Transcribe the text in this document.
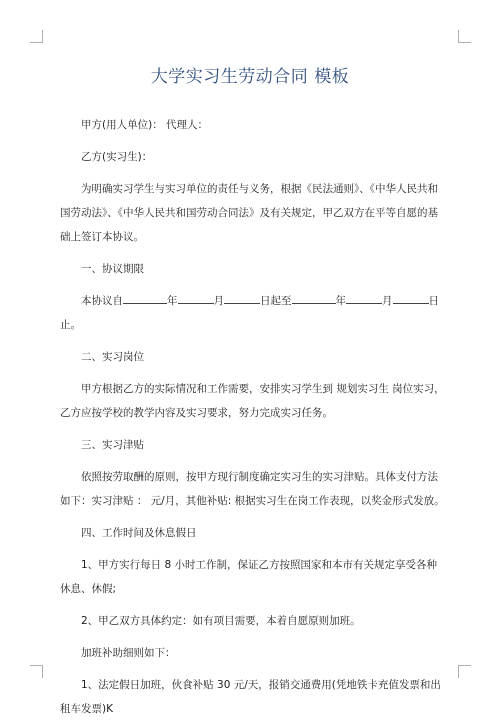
大学实习生劳动合同 模板

甲方(用人单位)： 代理人：

乙方(实习生)：

为明确实习学生与实习单位的责任与义务，根据《民法通则》、《中华人民共和国劳动法》、《中华人民共和国劳动合同法》及有关规定，甲乙双方在平等自愿的基础上签订本协议。

一、协议期限

本协议自	年	月	日起至	年	月	日止。

二、实习岗位

甲方根据乙方的实际情况和工作需要，安排实习学生到 规划实习生 岗位实习，乙方应按学校的教学内容及实习要求，努力完成实习任务。

三、实习津贴

依照按劳取酬的原则，按甲方现行制度确定实习生的实习津贴。具体支付方法如下：实习津贴 ： 元/月，其他补贴: 根据实习生在岗工作表现，以奖金形式发放。

四、工作时间及休息假日

1、甲方实行每日 8 小时工作制，保证乙方按照国家和本市有关规定享受各种休息、休假;

2、甲乙双方具体约定：如有项目需要，本着自愿原则加班。

加班补助细则如下：

1、法定假日加班，伙食补贴 30 元/天，报销交通费用(凭地铁卡充值发票和出租车发票)K
